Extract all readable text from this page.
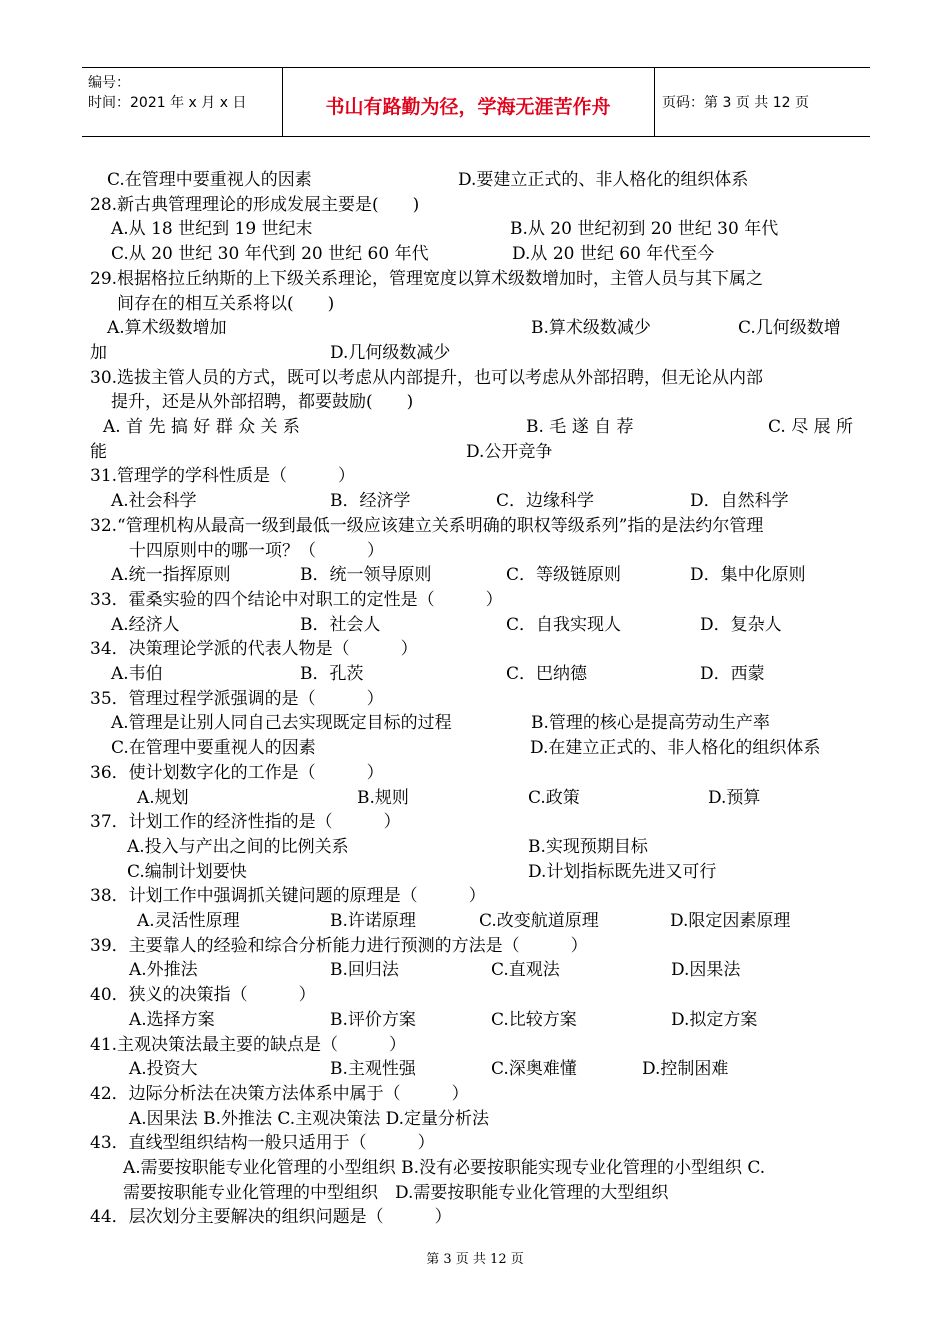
编号：
时间：2021 年 x 月 x 日	书山有路勤为径，学海无涯苦作舟	页码：第 3 页 共 12 页
C.在管理中要重视人的因素	D.要建立正式的、非人格化的组织体系
28.新古典管理理论的形成发展主要是(　　)
A.从 18 世纪到 19 世纪末	B.从 20 世纪初到 20 世纪 30 年代
C.从 20 世纪 30 年代到 20 世纪 60 年代	D.从 20 世纪 60 年代至今
29.根据格拉丘纳斯的上下级关系理论，管理宽度以算术级数增加时，主管人员与其下属之
间存在的相互关系将以(　　)
A.算术级数增加	B.算术级数减少	C.几何级数增
加	D.几何级数减少
30.选拔主管人员的方式，既可以考虑从内部提升，也可以考虑从外部招聘，但无论从内部
提升，还是从外部招聘，都要鼓励(　　)
A. 首 先 搞 好 群 众 关 系	B. 毛 遂 自 荐	C. 尽 展 所
能	D.公开竞争
31.管理学的学科性质是（　　　）
A.社会科学	B．经济学	C．边缘科学	D．自然科学
32.“管理机构从最高一级到最低一级应该建立关系明确的职权等级系列”指的是法约尔管理
十四原则中的哪一项？（　　　）
A.统一指挥原则	B．统一领导原则	C．等级链原则	D．集中化原则
33．霍桑实验的四个结论中对职工的定性是（　　　）
A.经济人	B．社会人	C．自我实现人	D．复杂人
34．决策理论学派的代表人物是（　　　）
A.韦伯	B．孔茨	C．巴纳德	D．西蒙
35．管理过程学派强调的是（　　　）
A.管理是让别人同自己去实现既定目标的过程	B.管理的核心是提高劳动生产率
C.在管理中要重视人的因素	D.在建立正式的、非人格化的组织体系
36．使计划数字化的工作是（　　　）
A.规划	B.规则	C.政策	D.预算
37．计划工作的经济性指的是（　　　）
A.投入与产出之间的比例关系	B.实现预期目标
C.编制计划要快	D.计划指标既先进又可行
38．计划工作中强调抓关键问题的原理是（　　　）
A.灵活性原理	B.许诺原理	C.改变航道原理	D.限定因素原理
39．主要靠人的经验和综合分析能力进行预测的方法是（　　　）
A.外推法	B.回归法	C.直观法	D.因果法
40．狭义的决策指（　　　）
A.选择方案	B.评价方案	C.比较方案	D.拟定方案
41.主观决策法最主要的缺点是（　　　）
A.投资大	B.主观性强	C.深奥难懂	D.控制困难
42．边际分析法在决策方法体系中属于（　　　）
A.因果法 B.外推法 C.主观决策法 D.定量分析法
43．直线型组织结构一般只适用于（　　　）
A.需要按职能专业化管理的小型组织 B.没有必要按职能实现专业化管理的小型组织 C.
需要按职能专业化管理的中型组织　D.需要按职能专业化管理的大型组织
44．层次划分主要解决的组织问题是（　　　）
第 3 页 共 12 页
